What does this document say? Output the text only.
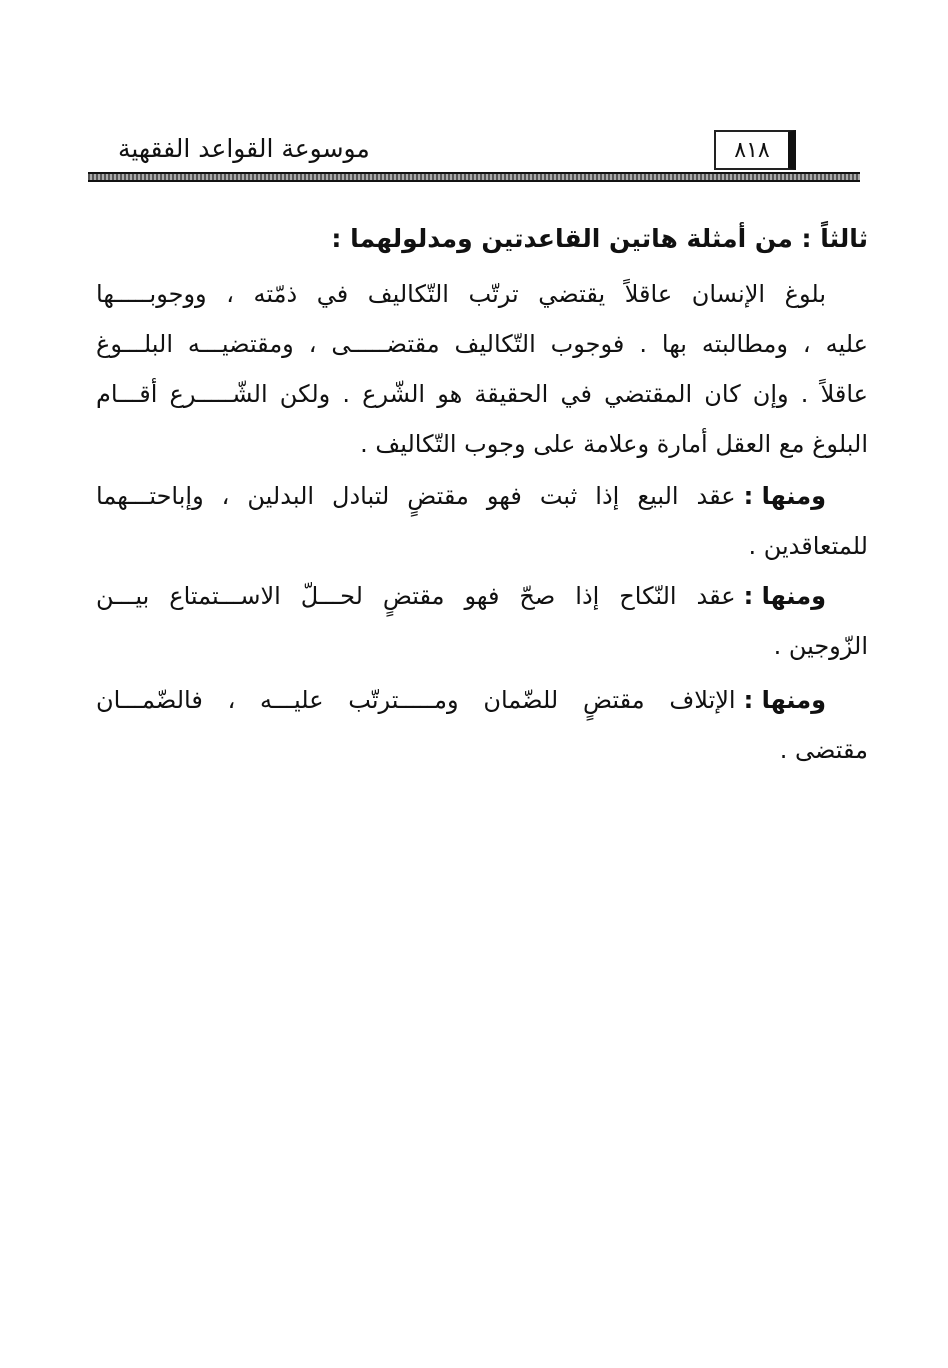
موسوعة القواعد الفقهية	٨١٨
ثالثاً : من أمثلة هاتين القاعدتين ومدلولهما :
بلوغ الإنسان عاقلاً يقتضي ترتّب التّكاليف في ذمّته ، ووجوبـــــها
عليه ، ومطالبته بها . فوجوب التّكاليف مقتضـــــى ، ومقتضيـــه البلـــوغ
عاقلاً . وإن كان المقتضي في الحقيقة هو الشّرع . ولكن الشّـــــرع أقـــام
البلوغ مع العقل أمارة وعلامة على وجوب التّكاليف .
ومنها :
عقد البيع إذا ثبت فهو مقتضٍ لتبادل البدلين ، وإباحتـــهما
للمتعاقدين .
ومنها :
عقد النّكاح إذا صحّ فهو مقتضٍ لحـــلّ الاســـتمتاع بيـــن
الزّوجين .
ومنها :
الإتلاف مقتضٍ للضّمان ومـــــترتّب عليـــه ، فالضّمـــان
مقتضى .
